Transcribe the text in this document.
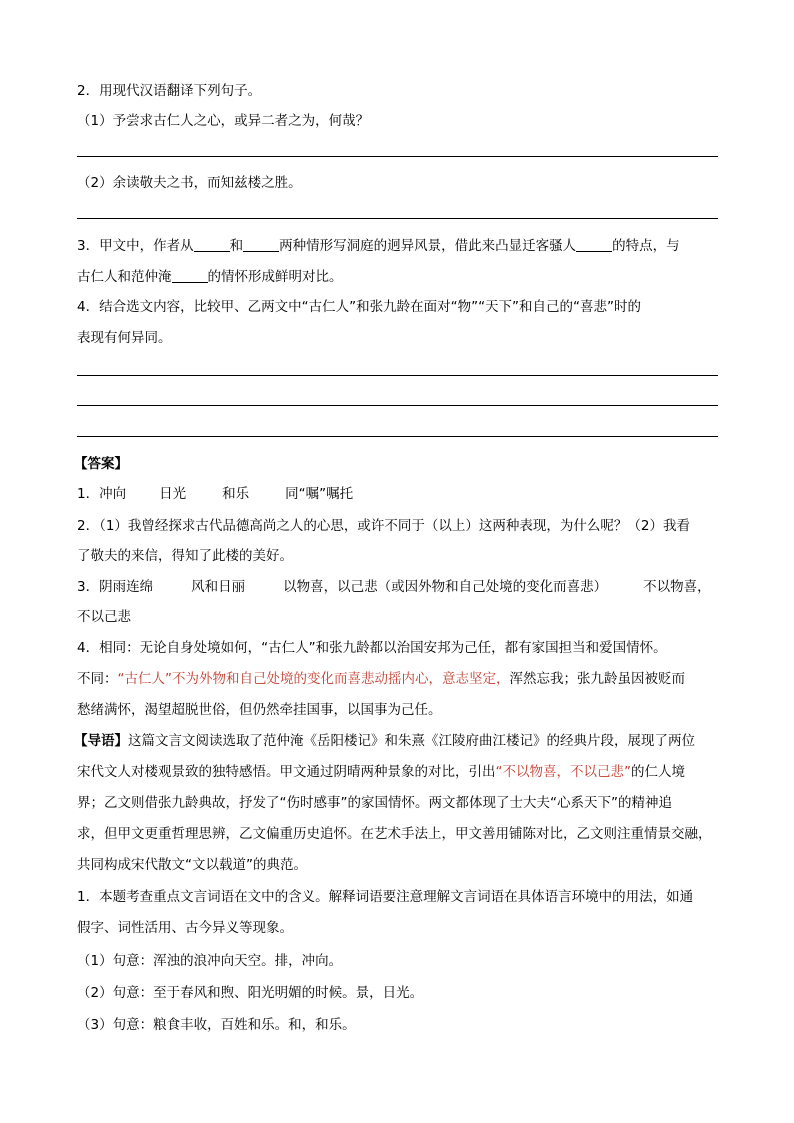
2．用现代汉语翻译下列句子。
（1）予尝求古仁人之心，或异二者之为，何哉？
（2）余读敬夫之书，而知兹楼之胜。
3．甲文中，作者从	和	两种情形写洞庭的迥异风景，借此来凸显迁客骚人	的特点，与
古仁人和范仲淹	的情怀形成鲜明对比。
4．结合选文内容，比较甲、乙两文中“古仁人”和张九龄在面对“物”“天下”和自己的“喜悲”时的
表现有何异同。
【答案】
1．冲向 日光	和乐	同“嘱”嘱托
2．（1）我曾经探求古代品德高尚之人的心思，或许不同于（以上）这两种表现，为什么呢？（2）我看
了敬夫的来信，得知了此楼的美好。
3．阴雨连绵	风和日丽	以物喜，以己悲（或因外物和自己处境的变化而喜悲）	不以物喜，
不以己悲
4．相同：无论自身处境如何，“古仁人”和张九龄都以治国安邦为己任，都有家国担当和爱国情怀。
不同：“古仁人”不为外物和自己处境的变化而喜悲动摇内心，意志坚定，浑然忘我；张九龄虽因被贬而
愁绪满怀，渴望超脱世俗，但仍然牵挂国事，以国事为己任。
【导语】这篇文言文阅读选取了范仲淹《岳阳楼记》和朱熹《江陵府曲江楼记》的经典片段，展现了两位
宋代文人对楼观景致的独特感悟。甲文通过阴晴两种景象的对比，引出“不以物喜，不以己悲”的仁人境
界；乙文则借张九龄典故，抒发了“伤时感事”的家国情怀。两文都体现了士大夫“心系天下”的精神追
求，但甲文更重哲理思辨，乙文偏重历史追怀。在艺术手法上，甲文善用铺陈对比，乙文则注重情景交融，
共同构成宋代散文“文以载道”的典范。
1．本题考查重点文言词语在文中的含义。解释词语要注意理解文言词语在具体语言环境中的用法，如通
假字、词性活用、古今异义等现象。
（1）句意：浑浊的浪冲向天空。排，冲向。
（2）句意：至于春风和煦、阳光明媚的时候。景，日光。
（3）句意：粮食丰收，百姓和乐。和，和乐。
